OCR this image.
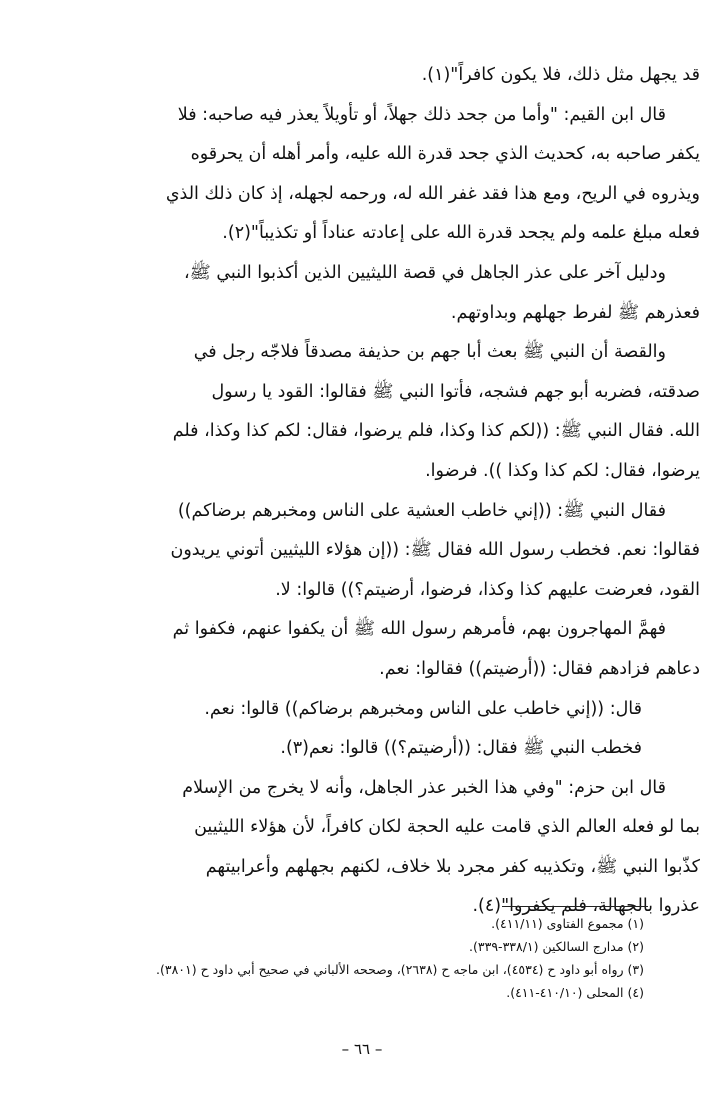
قد يجهل مثل ذلك، فلا يكون كافراً"(١).
قال ابن القيم: "وأما من جحد ذلك جهلاً، أو تأويلاً يعذر فيه صاحبه: فلا
يكفر صاحبه به، كحديث الذي جحد قدرة الله عليه، وأمر أهله أن يحرقوه
ويذروه في الريح، ومع هذا فقد غفر الله له، ورحمه لجهله، إذ كان ذلك الذي
فعله مبلغ علمه ولم يجحد قدرة الله على إعادته عناداً أو تكذيباً"(٢).
ودليل آخر على عذر الجاهل في قصة الليثيين الذين أكذبوا النبي ﷺ،
فعذرهم ﷺ لفرط جهلهم وبداوتهم.
والقصة أن النبي ﷺ بعث أبا جهم بن حذيفة مصدقاً فلاجّه رجل في
صدقته، فضربه أبو جهم فشجه، فأتوا النبي ﷺ فقالوا: القود يا رسول
الله. فقال النبي ﷺ: ((لكم كذا وكذا، فلم يرضوا، فقال: لكم كذا وكذا، فلم
يرضوا، فقال: لكم كذا وكذا )). فرضوا.
فقال النبي ﷺ: ((إني خاطب العشية على الناس ومخبرهم برضاكم))
فقالوا: نعم. فخطب رسول الله فقال ﷺ: ((إن هؤلاء الليثيين أتوني يريدون
القود، فعرضت عليهم كذا وكذا، فرضوا، أرضيتم؟)) قالوا: لا.
فهمَّ المهاجرون بهم، فأمرهم رسول الله ﷺ أن يكفوا عنهم، فكفوا ثم
دعاهم فزادهم فقال: ((أرضيتم)) فقالوا: نعم.
قال: ((إني خاطب على الناس ومخبرهم برضاكم)) قالوا: نعم.
فخطب النبي ﷺ فقال: ((أرضيتم؟)) قالوا: نعم(٣).
قال ابن حزم: "وفي هذا الخبر عذر الجاهل، وأنه لا يخرج من الإسلام
بما لو فعله العالم الذي قامت عليه الحجة لكان كافراً، لأن هؤلاء الليثيين
كذّبوا النبي ﷺ، وتكذيبه كفر مجرد بلا خلاف، لكنهم بجهلهم وأعرابيتهم
عذروا بالجهالة، فلم يكفروا"(٤).
(١) مجموع الفتاوى (٤١١/١١).
(٢) مدارج السالكين (٣٣٨/١-٣٣٩).
(٣) رواه أبو داود ح (٤٥٣٤)، ابن ماجه ح (٢٦٣٨)، وصححه الألباني في صحيح أبي داود ح (٣٨٠١).
(٤) المحلى (٤١٠/١٠-٤١١).
– ٦٦ –
